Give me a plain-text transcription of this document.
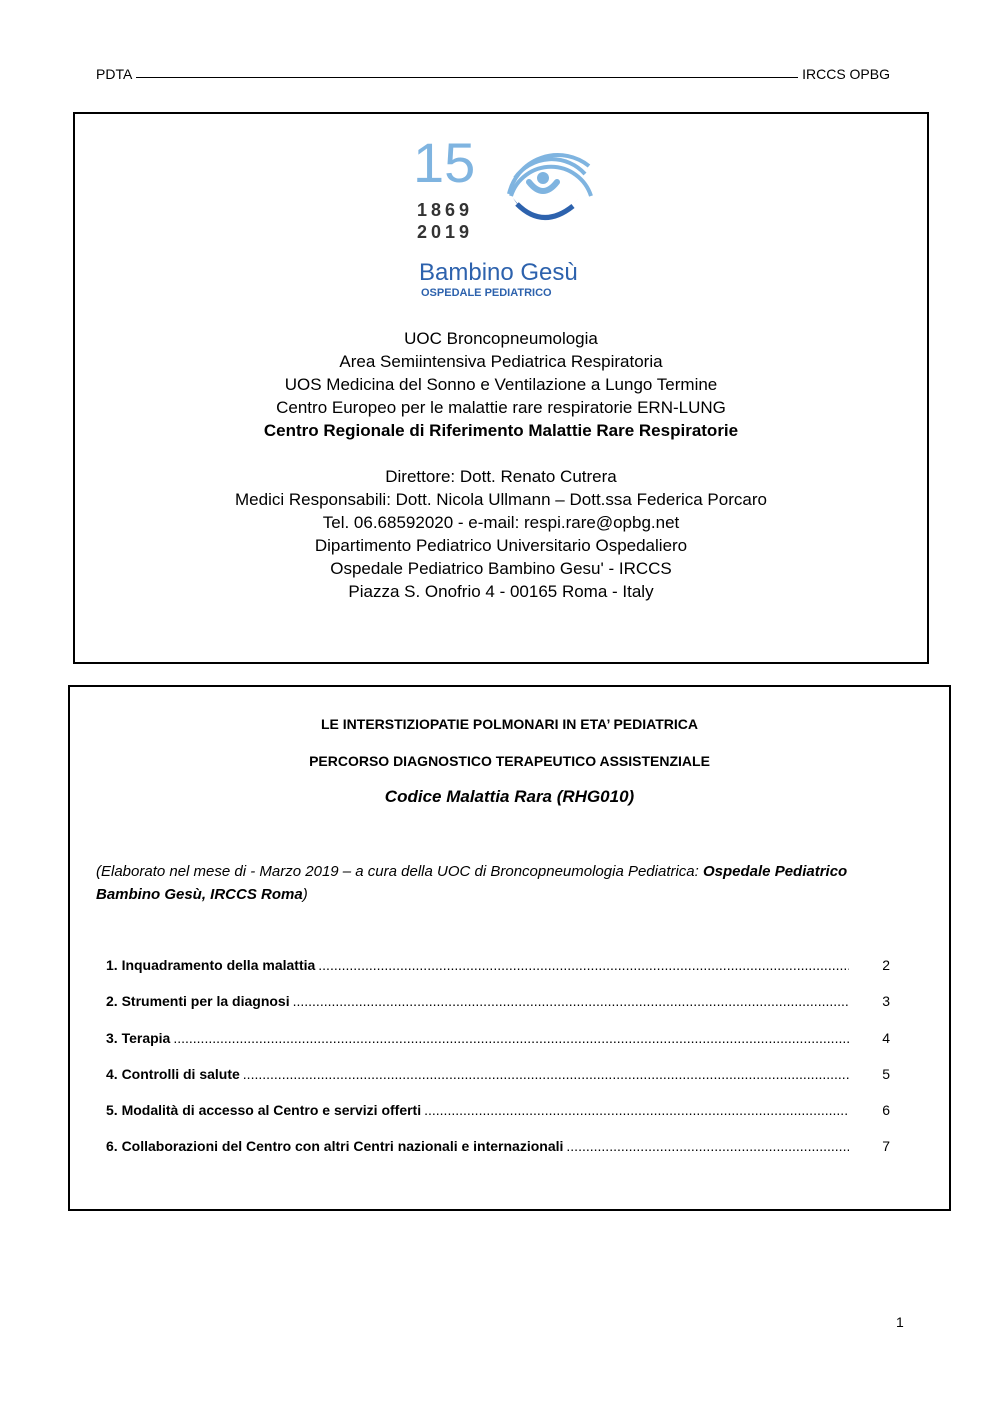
PDTA	IRCCS OPBG
15
1869
2019
Bambino Gesù
OSPEDALE PEDIATRICO
UOC Broncopneumologia
Area Semiintensiva Pediatrica Respiratoria
UOS Medicina del Sonno e Ventilazione a Lungo Termine
Centro Europeo per le malattie rare respiratorie ERN-LUNG
Centro Regionale di Riferimento Malattie Rare Respiratorie
Direttore: Dott. Renato Cutrera
Medici Responsabili: Dott. Nicola Ullmann – Dott.ssa Federica Porcaro
Tel. 06.68592020 - e-mail: respi.rare@opbg.net
Dipartimento Pediatrico Universitario Ospedaliero
Ospedale Pediatrico Bambino Gesu' - IRCCS
Piazza S. Onofrio 4 - 00165 Roma - Italy
LE INTERSTIZIOPATIE POLMONARI IN ETA’ PEDIATRICA
PERCORSO DIAGNOSTICO TERAPEUTICO ASSISTENZIALE
Codice Malattia Rara (RHG010)
(Elaborato nel mese di - Marzo 2019 – a cura della UOC di Broncopneumologia Pediatrica: Ospedale Pediatrico Bambino Gesù, IRCCS Roma)
1. Inquadramento della malattia .....	2
2. Strumenti per la diagnosi .....	3
3. Terapia .....	4
4. Controlli di salute .....	5
5. Modalità di accesso al Centro e servizi offerti .....	6
6. Collaborazioni del Centro con altri Centri nazionali e internazionali .....	7
1
